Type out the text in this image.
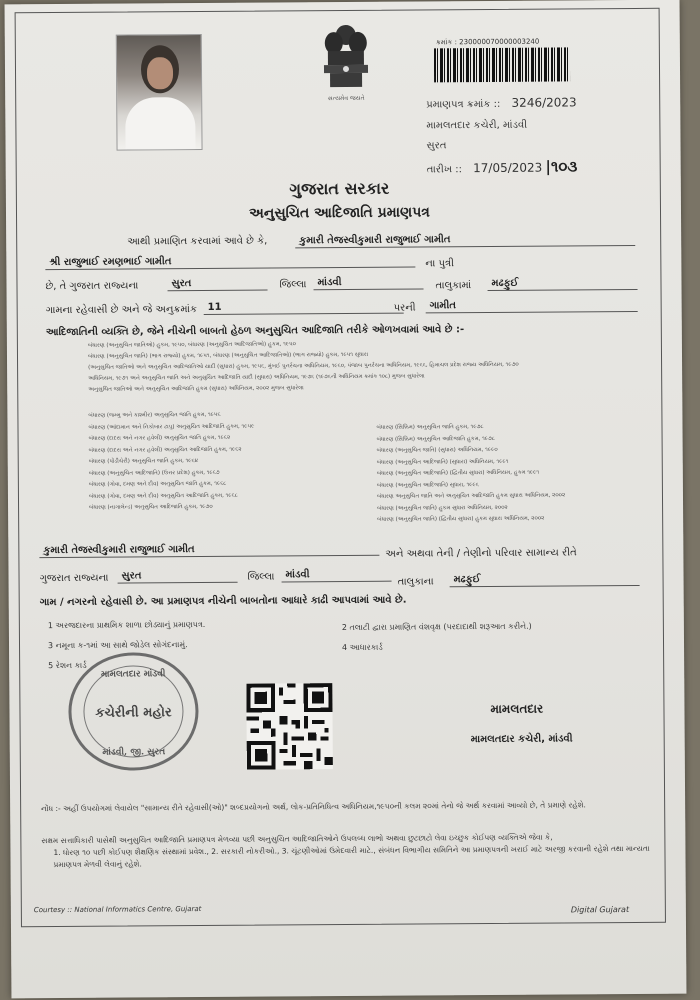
સત્યમેવ જયતે
ક્રમાંક : 230000070000003240
પ્રમાણપત્ર ક્રમાંક :: 3246/2023
મામલતદાર કચેરી, માંડવી
સુરત
તારીખ :: 17/05/2023 |૧૦૩
ગુજરાત સરકાર
અનુસુચિત આદિજાતિ પ્રમાણપત્ર
આથી પ્રમાણિત કરવામાં આવે છે કે,	કુમારી તેજસ્વીકુમારી રાજુભાઈ ગામીત
શ્રી રાજુભાઈ રમણભાઈ ગામીત	ના પુત્રી
છે, તે ગુજરાત રાજ્યના	સુરત	જિલ્લા	માંડવી	તાલુકામાં	મઢફુઈ
ગામના રહેવાસી છે અને જે અનુક્રમાંક	11	પરની	ગામીત
આદિજાતિની વ્યક્તિ છે, જેને નીચેની બાબતો હેઠળ અનુસુચિત આદિજાતિ તરીકે ઓળખવામાં આવે છે :-
બંધારણ (અનુસુચિત જાતિઓ) હુકમ, ૧૯૫૦, બંધારણ (અનુસુચિત આદિજાતિઓ) હુકમ, ૧૯૫૦
બંધારણ (અનુસુચિત જાતિ) (ભાગ રાજ્યો) હુકમ, ૧૯૫૧, બંધારણ (અનુસુચિત આદિજાતિઓ) (ભાગ રાજ્યો) હુકમ, ૧૯૫૧ સુધારા
(અનુસુચિત જાતિઓ અને અનુસુચિત આદિજાતિઓ યાદી (સુધારા) હુકમ, ૧૯૫૬, મુંબઈ પુનર્રચના અધિનિયમ, ૧૯૬૦, પંજાબ પુનર્રચના અધિનિયમ, ૧૯૬૬, હિમાચલ પ્રદેશ રાજ્ય અધિનિયમ, ૧૯૭૦
અધિનિયમ, ૧૯૭૧ અને અનુસુચિત જાતિ અને અનુસુચિત આદિજાતિ યાદી (સુધારા) અધિનિયમ, ૧૯૭૬ (૧૯૭૬ની અધિનિયમ ક્રમાંક ૧૦૮) મુજબ સુધારેલા
અનુસુચિત જાતિઓ અને અનુસુચિત આદિજાતિ હુકમ (સુધારા) અધિનિયમ, ૨૦૦૨ મુજબ સુધારેલા
બંધારણ (જમ્મુ અને કાશ્મીર) અનુસુચિત જાતિ હુકમ, ૧૯૫૬
બંધારણ (આંદામાન અને નિકોબાર ટાપુ) અનુસુચિત આદિજાતિ હુકમ, ૧૯૫૯
બંધારણ (દાદરા અને નગર હવેલી) અનુસુચિત જાતિ હુકમ, ૧૯૬૨
બંધારણ (દાદરા અને નગર હવેલી) અનુસુચિત આદિજાતિ હુકમ, ૧૯૬૨
બંધારણ (પોંડીચેરી) અનુસુચિત જાતિ હુકમ, ૧૯૬૪
બંધારણ (અનુસુચિત આદિજાતિ) (ઉત્તર પ્રદેશ) હુકમ, ૧૯૬૭
બંધારણ (ગોવા, દમણ અને દીવ) અનુસુચિત જાતિ હુકમ, ૧૯૬૮
બંધારણ (ગોવા, દમણ અને દીવ) અનુસુચિત આદિજાતિ હુકમ, ૧૯૬૮
બંધારણ (નાગાલેન્ડ) અનુસુચિત આદિજાતિ હુકમ, ૧૯૭૦
બંધારણ (સિક્કિમ) અનુસુચિત જાતિ હુકમ, ૧૯૭૮
બંધારણ (સિક્કિમ) અનુસુચિત આદિજાતિ હુકમ, ૧૯૭૮
બંધારણ (અનુસુચિત જાતિ) (સુધારા) અધિનિયમ, ૧૯૯૦
બંધારણ (અનુસુચિત આદિજાતિ) (સુધારા) અધિનિયમ, ૧૯૯૧
બંધારણ (અનુસુચિત આદિજાતિ) (દ્વિતીય સુધારા) અધિનિયમ, હુકમ ૧૯૯૧
બંધારણ (અનુસુચિત આદિજાતિ) સુધારા, ૧૯૯૬
બંધારણ અનુસુચિત જાતિ અને અનુસુચિત આદિજાતિ હુકમ સુધારા અધિનિયમ, ૨૦૦૨
બંધારણ (અનુસુચિત જાતિ) હુકમ સુધારા અધિનિયમ, ૨૦૦૨
બંધારણ (અનુસુચિત જાતિ) (દ્વિતીય સુધારા) હુકમ સુધારા અધિનિયમ, ૨૦૦૨
કુમારી તેજસ્વીકુમારી રાજુભાઈ ગામીત	અને અથવા તેની / તેણીનો પરિવાર સામાન્ય રીતે
ગુજરાત રાજ્યના	સુરત	જિલ્લા	માંડવી
તાલુકાના	મઢફુઈ
ગામ / નગરનો રહેવાસી છે. આ પ્રમાણપત્ર નીચેની બાબતોના આધારે કાઢી આપવામાં આવે છે.
1 અરજદારના પ્રાથમિક શાળા છોડ્યાનું પ્રમાણપત્ર.	2 તલાટી દ્વારા પ્રમાણિત વંશવૃક્ષ (પરદાદાથી શરૂઆત કરીને.)
3 નમૂના ક-૧માં આ સાથે જોડેલ સોગંદનામું.	4 આધારકાર્ડ
5 રેશન કાર્ડ
મામલતદાર માંડવી
કચેરીની મહોર
માંડવી, જી. સુરત
મામલતદાર
મામલતદાર કચેરી, માંડવી
નોંધ :- અહીં ઉપયોગમાં લેવાયેલ "સામાન્ય રીતે રહેવાસી(ઓ)" શબ્દપ્રયોગનો અર્થ, લોક-પ્રતિનિધિત્વ અધિનિયમ,૧૯૫૦ની કલમ ૨૦માં તેનો જે અર્થ કરવામાં આવ્યો છે, તે પ્રમાણે રહેશે.
સક્ષમ સત્તાધિકારી પાસેથી અનુસુચિત આદિજાતિ પ્રમાણપત્ર મેળવ્યા પછી અનુસુચિત આદિજાતિઓને ઉપલબ્ધ લાભો અથવા છુટછાટો લેવા ઇચ્છુક કોઈપણ વ્યક્તિએ જેવા કે,
1. ધોરણ ૧૦ પછી કોઈપણ શૈક્ષણિક સંસ્થામાં પ્રવેશ., 2. સરકારી નોકરીઓ., 3. ચૂંટણીઓમાં ઉમેદવારી માટે., સંબંધન વિભાગીય સમિતિને આ પ્રમાણપત્રની ખરાઈ માટે અરજી કરવાની રહેશે તથા માન્યતા પ્રમાણપત્ર મેળવી લેવાનું રહેશે.
Courtesy :: National Informatics Centre, Gujarat	Digital Gujarat
